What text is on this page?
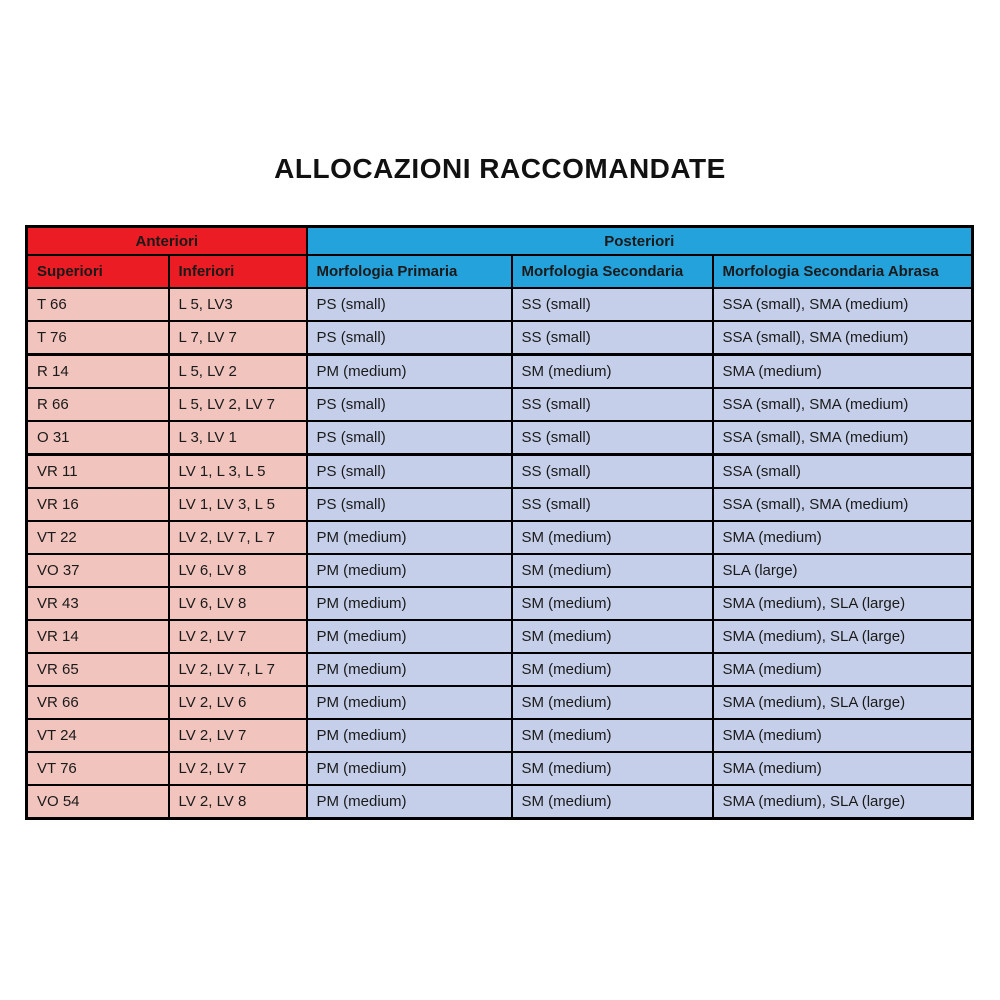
ALLOCAZIONI RACCOMANDATE
Anteriori		Posteriori		
Superiori	Inferiori	Morfologia Primaria	Morfologia Secondaria	Morfologia Secondaria Abrasa
T 66	L 5, LV3	PS (small)	SS (small)	SSA (small), SMA (medium)
T 76	L 7, LV 7	PS (small)	SS (small)	SSA (small), SMA (medium)
R 14	L 5, LV 2	PM (medium)	SM (medium)	SMA (medium)
R 66	L 5, LV 2, LV 7	PS (small)	SS (small)	SSA (small), SMA (medium)
O 31	L 3, LV 1	PS (small)	SS (small)	SSA (small), SMA (medium)
VR 11	LV 1, L 3, L 5	PS (small)	SS (small)	SSA (small)
VR 16	LV 1, LV 3, L 5	PS (small)	SS (small)	SSA (small), SMA (medium)
VT 22	LV 2, LV 7, L 7	PM (medium)	SM (medium)	SMA (medium)
VO 37	LV 6, LV 8	PM (medium)	SM (medium)	SLA (large)
VR 43	LV 6, LV 8	PM (medium)	SM (medium)	SMA (medium), SLA (large)
VR 14	LV 2, LV 7	PM (medium)	SM (medium)	SMA (medium), SLA (large)
VR 65	LV 2, LV 7, L 7	PM (medium)	SM (medium)	SMA (medium)
VR 66	LV 2, LV 6	PM (medium)	SM (medium)	SMA (medium), SLA (large)
VT 24	LV 2, LV 7	PM (medium)	SM (medium)	SMA (medium)
VT 76	LV 2, LV 7	PM (medium)	SM (medium)	SMA (medium)
VO 54	LV 2, LV 8	PM (medium)	SM (medium)	SMA (medium), SLA (large)
